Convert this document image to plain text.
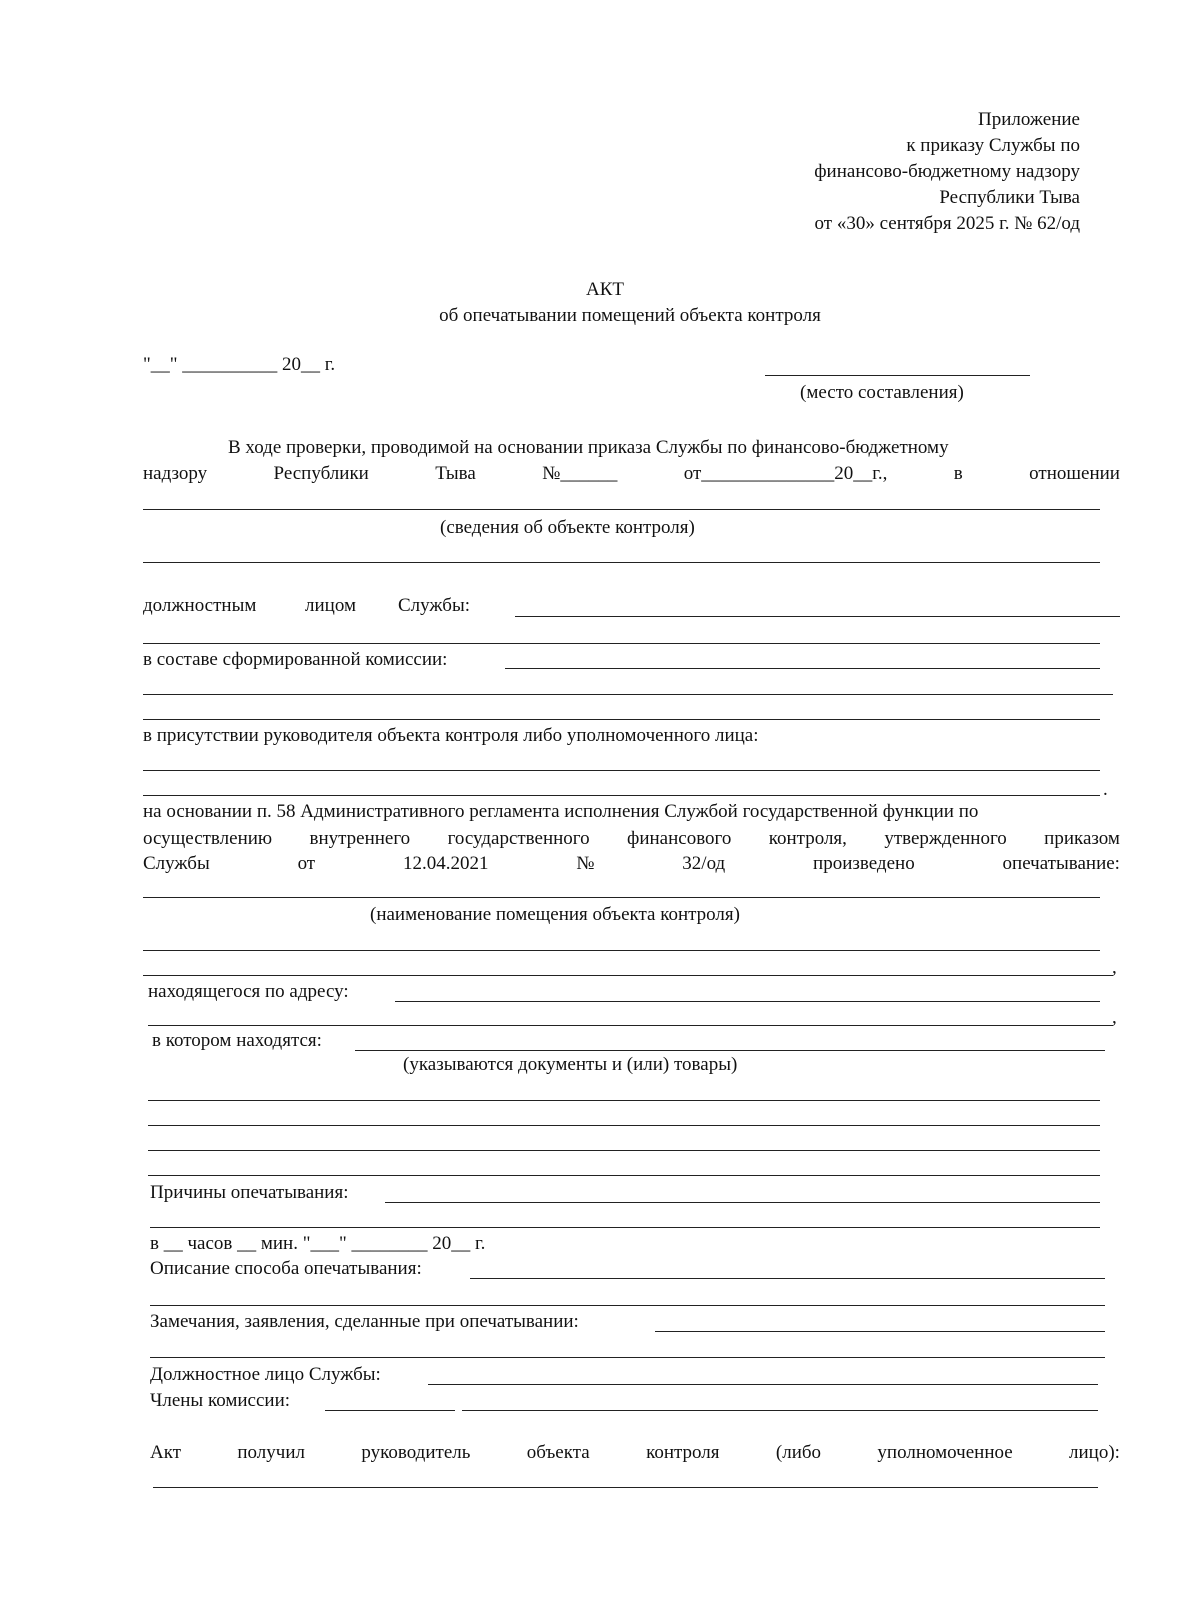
Приложение
к приказу Службы по
финансово-бюджетному надзору
Республики Тыва
от «30» сентября 2025 г. № 62/од
АКТ
об опечатывании помещений объекта контроля
"__" __________ 20__ г.
(место составления)
В ходе проверки, проводимой на основании приказа Службы по финансово-бюджетному
надзору	Республики	Тыва	№______	от______________20__г.,	в	отношении
(сведения об объекте контроля)
должностным	лицом Службы:
в составе сформированной комиссии:
в присутствии руководителя объекта контроля либо уполномоченного лица:
.
на основании п. 58 Административного регламента исполнения Службой государственной функции по
осуществлению внутреннего государственного финансового контроля, утвержденного приказом
Службы	от	12.04.2021	№	32/од	произведено	опечатывание:
(наименование помещения объекта контроля)
,
находящегося по адресу:
,
в котором находятся:
(указываются документы и (или) товары)
Причины опечатывания:
в __ часов __ мин. "___" ________ 20__ г.
Описание способа опечатывания:
Замечания, заявления, сделанные при опечатывании:
Должностное лицо Службы:
Члены комиссии:
Акт	получил	руководитель	объекта	контроля	(либо	уполномоченное	лицо):
